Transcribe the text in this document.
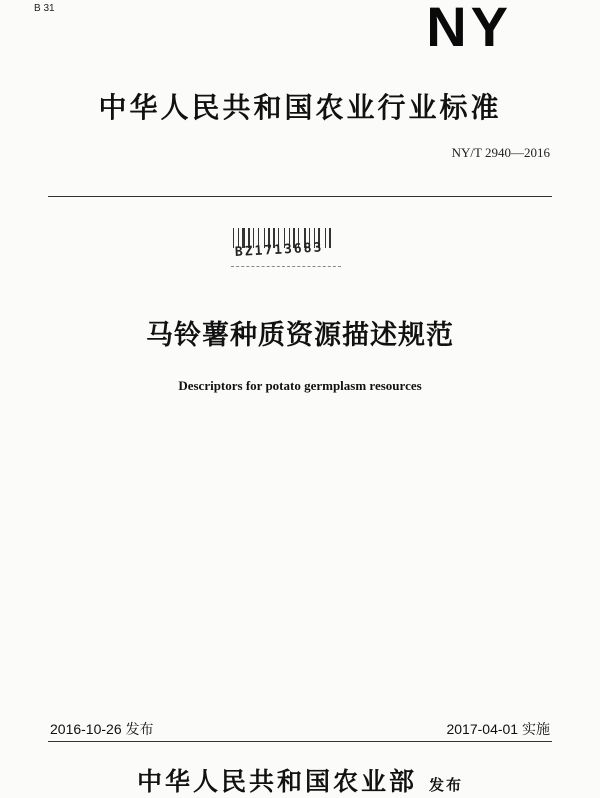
B 31	NY
中华人民共和国农业行业标准
NY/T 2940—2016
BZ1713683
马铃薯种质资源描述规范
Descriptors for potato germplasm resources
2016-10-26 发布	2017-04-01 实施
中华人民共和国农业部 发布
